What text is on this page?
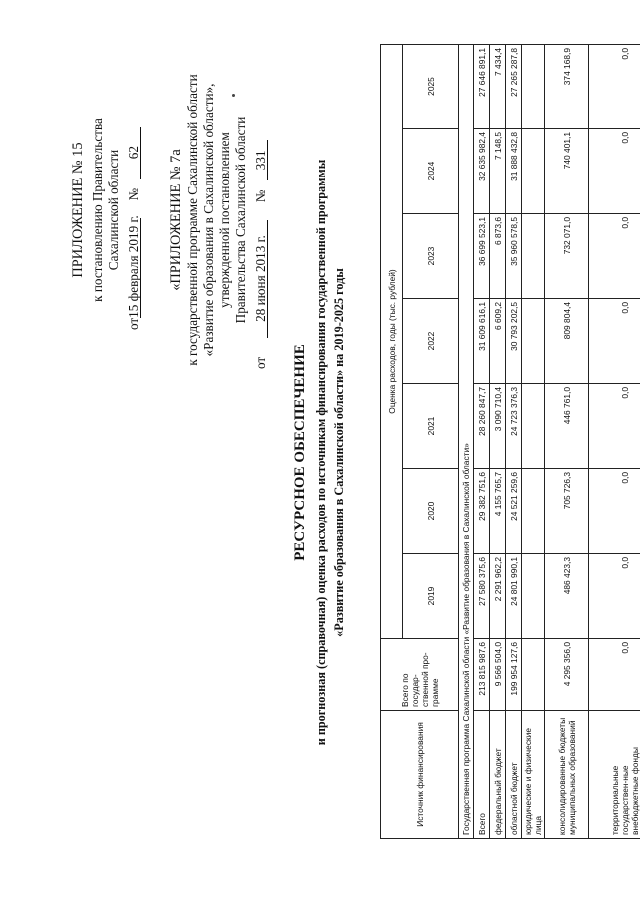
ПРИЛОЖЕНИЕ № 15 к постановлению Правительства Сахалинской области
от15 февраля 2019 г. № 62 «ПРИЛОЖЕНИЕ № 7а к государственной программе Сахалинской области «Развитие образования в Сахалинской области», утвержденной постановлением Правительства Сахалинской области
от 28 июня 2013 г. № 331
РЕСУРСНОЕ ОБЕСПЕЧЕНИЕ и прогнозная (справочная) оценка расходов по источникам финансирования государственной программы «Развитие образования в Сахалинской области» на 2019-2025 годы
Источник финансирования	Всего по государ-ственной про-грамме	Оценка расходов, годы (тыс. рублей)						
		2019	2020	2021	2022	2023	2024	2025
Государственная программа Сахалинской области «Развитие образования в Сахалинской области»								
Всего	213 815 987,6	27 580 375,6	29 382 751,6	28 260 847,7	31 609 616,1	36 699 523,1	32 635 982,4	27 646 891,1
федеральный бюджет	9 566 504,0	2 291 962,2	4 155 765,7	3 090 710,4	6 609,2	6 873,6	7 148,5	7 434,4
областной бюджет	199 954 127,6	24 801 990,1	24 521 259,6	24 723 376,3	30 793 202,5	35 960 578,5	31 888 432,8	27 265 287,8
юридические и физические лица								
консолидированные бюджеты муниципальных образований	4 295 356,0	486 423,3	705 726,3	446 761,0	809 804,4	732 071,0	740 401,1	374 168,9
территориальные государствен-ные внебюджетные фонды	0,0	0,0	0,0	0,0	0,0	0,0	0,0	0,0
